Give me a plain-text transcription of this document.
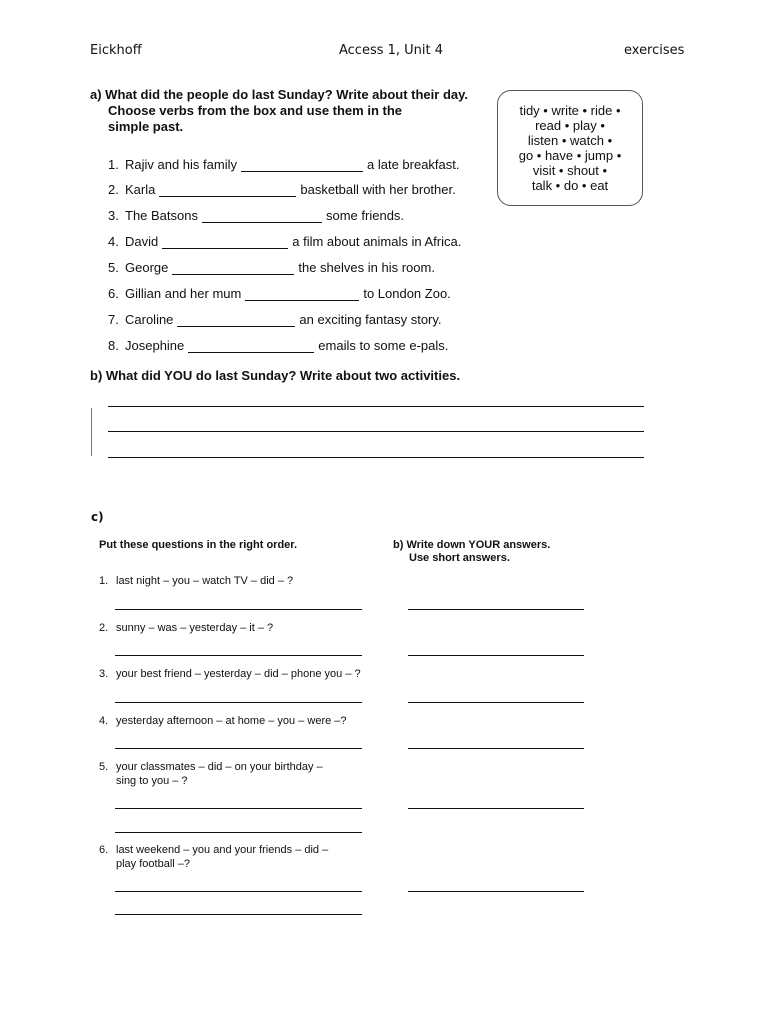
Eickhoff	Access 1, Unit 4	exercises
a) What did the people do last Sunday? Write about their day.
Choose verbs from the box and use them in the
simple past.
tidy • write • ride •
read • play •
listen • watch •
go • have • jump •
visit • shout •
talk • do • eat
1. Rajiv and his family	a late breakfast.
2. Karla	basketball with her brother.
3. The Batsons	some friends.
4. David	a film about animals in Africa.
5. George	the shelves in his room.
6. Gillian and her mum	to London Zoo.
7. Caroline	an exciting fantasy story.
8. Josephine	emails to some e-pals.
b) What did YOU do last Sunday? Write about two activities.
c)
Put these questions in the right order.	b) Write down YOUR answers.
Use short answers.
1. last night – you – watch TV – did – ?
2. sunny – was – yesterday – it – ?
3. your best friend – yesterday – did – phone you – ?
4. yesterday afternoon – at home – you – were –?
5. your classmates – did – on your birthday –
sing to you – ?
6. last weekend – you and your friends – did –
play football –?
